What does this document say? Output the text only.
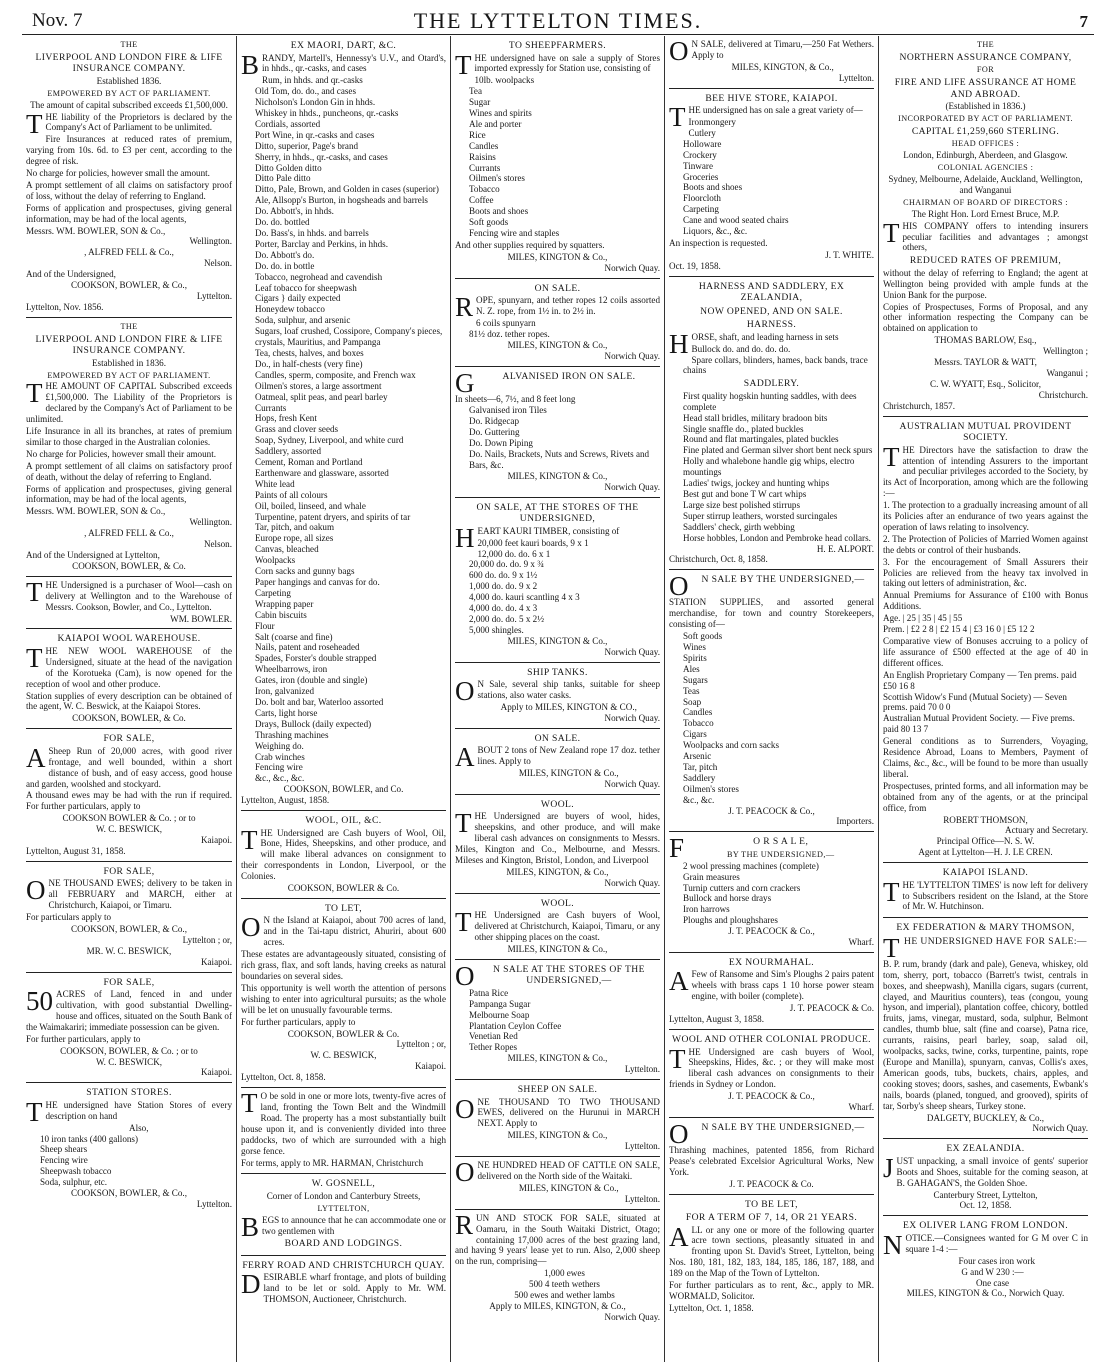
Nov. 7	THE LYTTELTON TIMES.	7
THE
LIVERPOOL AND LONDON FIRE & LIFE INSURANCE COMPANY.
Established 1836.
EMPOWERED BY ACT OF PARLIAMENT.
The amount of capital subscribed exceeds £1,500,000.
THE liability of the Proprietors is declared by the Company's Act of Parliament to be unlimited.
Fire Insurances at reduced rates of premium, varying from 10s. 6d. to £3 per cent, according to the degree of risk.
No charge for policies, however small the amount.
A prompt settlement of all claims on satisfactory proof of loss, without the delay of referring to England.
Forms of application and prospectuses, giving general information, may be had of the local agents,
Messrs. WM. BOWLER, SON & Co.,
Wellington.
, ALFRED FELL & Co.,
Nelson.
And of the Undersigned,
COOKSON, BOWLER, & Co.,
Lyttelton.
Lyttelton, Nov. 1856.
THE
LIVERPOOL AND LONDON FIRE & LIFE INSURANCE COMPANY.
Established in 1836.
EMPOWERED BY ACT OF PARLIAMENT.
THE AMOUNT OF CAPITAL Subscribed exceeds £1,500,000. The Liability of the Proprietors is declared by the Company's Act of Parliament to be unlimited.
Life Insurance in all its branches, at rates of premium similar to those charged in the Australian colonies.
No charge for Policies, however small their amount.
A prompt settlement of all claims on satisfactory proof of death, without the delay of referring to England.
Forms of application and prospectuses, giving general information, may be had of the local agents,
Messrs. WM. BOWLER, SON & Co.,
Wellington.
, ALFRED FELL & Co.,
Nelson.
And of the Undersigned at Lyttelton,
COOKSON, BOWLER, & Co.
THE Undersigned is a purchaser of Wool—cash on delivery at Wellington and to the Warehouse of Messrs. Cookson, Bowler, and Co., Lyttelton.
WM. BOWLER.
KAIAPOI WOOL WAREHOUSE.
THE NEW WOOL WAREHOUSE of the Undersigned, situate at the head of the navigation of the Korotueka (Cam), is now opened for the reception of wool and other produce.
Station supplies of every description can be obtained of the agent, W. C. Beswick, at the Kaiapoi Stores.
COOKSON, BOWLER, & Co.
FOR SALE,
A Sheep Run of 20,000 acres, with good river frontage, and well bounded, within a short distance of bush, and of easy access, good house and garden, woolshed and stockyard.
A thousand ewes may be had with the run if required. For further particulars, apply to
COOKSON BOWLER & Co. ; or to
W. C. BESWICK,
Kaiapoi.
Lyttelton, August 31, 1858.
FOR SALE,
ONE THOUSAND EWES; delivery to be taken in all FEBRUARY and MARCH, either at Christchurch, Kaiapoi, or Timaru.
For particulars apply to
COOKSON, BOWLER, & Co.,
Lyttelton ; or,
MR. W. C. BESWICK,
Kaiapoi.
FOR SALE,
50 ACRES of Land, fenced in and under cultivation, with good substantial Dwelling-house and offices, situated on the South Bank of the Waimakariri; immediate possession can be given.
For further particulars, apply to
COOKSON, BOWLER, & Co. ; or to
W. C. BESWICK,
Kaiapoi.
STATION STORES.
THE undersigned have Station Stores of every description on hand
Also,
10 iron tanks (400 gallons)
Sheep shears
Fencing wire
Sheepwash tobacco
Soda, sulphur, etc.
COOKSON, BOWLER, & Co.,
Lyttelton.
EX MAORI, DART, &C.
BRANDY, Martell's, Hennessy's U.V., and Otard's, in hhds., qr.-casks, and cases
Rum, in hhds. and qr.-casks
Old Tom, do. do., and cases
Nicholson's London Gin in hhds.
Whiskey in hhds., puncheons, qr.-casks
Cordials, assorted
Port Wine, in qr.-casks and cases
Ditto, superior, Page's brand
Sherry, in hhds., qr.-casks, and cases
Ditto Golden ditto
Ditto Pale ditto
Ditto, Pale, Brown, and Golden in cases (superior)
Ale, Allsopp's Burton, in hogsheads and barrels
Do. Abbott's, in hhds.
Do. do. bottled
Do. Bass's, in hhds. and barrels
Porter, Barclay and Perkins, in hhds.
Do. Abbott's do.
Do. do. in bottle
Tobacco, negrohead and cavendish
Leaf tobacco for sheepwash
Cigars } daily expected
Honeydew tobacco
Soda, sulphur, and arsenic
Sugars, loaf crushed, Cossipore, Company's pieces, crystals, Mauritius, and Pampanga
Tea, chests, halves, and boxes
Do., in half-chests (very fine)
Candles, sperm, composite, and French wax
Oilmen's stores, a large assortment
Oatmeal, split peas, and pearl barley
Currants
Hops, fresh Kent
Grass and clover seeds
Soap, Sydney, Liverpool, and white curd
Saddlery, assorted
Cement, Roman and Portland
Earthenware and glassware, assorted
White lead
Paints of all colours
Oil, boiled, linseed, and whale
Turpentine, patent dryers, and spirits of tar
Tar, pitch, and oakum
Europe rope, all sizes
Canvas, bleached
Woolpacks
Corn sacks and gunny bags
Paper hangings and canvas for do.
Carpeting
Wrapping paper
Cabin biscuits
Flour
Salt (coarse and fine)
Nails, patent and roseheaded
Spades, Forster's double strapped
Wheelbarrows, iron
Gates, iron (double and single)
Iron, galvanized
Do. bolt and bar, Waterloo assorted
Carts, light horse
Drays, Bullock (daily expected)
Thrashing machines
Weighing do.
Crab winches
Fencing wire
&c., &c., &c.
COOKSON, BOWLER, and Co.
Lyttelton, August, 1858.
WOOL, OIL, &C.
THE Undersigned are Cash buyers of Wool, Oil, Bone, Hides, Sheepskins, and other produce, and will make liberal advances on consignment to their correspondents in London, Liverpool, or the Colonies.
COOKSON, BOWLER & Co.
TO LET,
O N the Island at Kaiapoi, about 700 acres of land, and in the Tai-tapu district, Ahuriri, about 600 acres.
These estates are advantageously situated, consisting of rich grass, flax, and soft lands, having creeks as natural boundaries on several sides.
This opportunity is well worth the attention of persons wishing to enter into agricultural pursuits; as the whole will be let on unusually favourable terms.
For further particulars, apply to
COOKSON, BOWLER & Co.
Lyttelton ; or,
W. C. BESWICK,
Kaiapoi.
Lyttelton, Oct. 8, 1858.
T O be sold in one or more lots, twenty-five acres of land, fronting the Town Belt and the Windmill Road. The property has a most substantially built house upon it, and is conveniently divided into three paddocks, two of which are surrounded with a high gorse fence.
For terms, apply to MR. HARMAN, Christchurch
W. GOSNELL,
Corner of London and Canterbury Streets,
LYTTELTON,
BEGS to announce that he can accommodate one or two gentlemen with
BOARD AND LODGINGS.
FERRY ROAD AND CHRISTCHURCH QUAY.
DESIRABLE wharf frontage, and plots of building land to be let or sold. Apply to Mr. WM. THOMSON, Auctioneer, Christchurch.
TO SHEEPFARMERS.
THE undersigned have on sale a supply of Stores imported expressly for Station use, consisting of
10lb. woolpacks
Tea
Sugar
Wines and spirits
Ale and porter
Rice
Candles
Raisins
Currants
Oilmen's stores
Tobacco
Coffee
Boots and shoes
Soft goods
Fencing wire and staples
And other supplies required by squatters.
MILES, KINGTON & Co.,
Norwich Quay.
ON SALE.
ROPE, spunyarn, and tether ropes 12 coils assorted N. Z. rope, from 1½ in. to 2½ in.
6 coils spunyarn
81½ doz. tether ropes.
MILES, KINGTON & Co.,
Norwich Quay.
G	ALVANISED IRON ON SALE.
In sheets—6, 7½, and 8 feet long
Galvanised iron Tiles
Do. Ridgecap
Do. Guttering
Do. Down Piping
Do. Nails, Brackets, Nuts and Screws, Rivets and Bars, &c.
MILES, KINGTON & Co.,
Norwich Quay.
ON SALE, AT THE STORES OF THE UNDERSIGNED,
HEART KAURI TIMBER, consisting of
20,000 feet kauri boards, 9 x 1
12,000 do. do. 6 x 1
20,000 do. do. 9 x ¾
600 do. do. 9 x 1½
1,000 do. do. 9 x 2
4,000 do. kauri scantling 4 x 3
4,000 do. do. 4 x 3
2,000 do. do. 5 x 2½
5,000 shingles.
MILES, KINGTON & Co.,
Norwich Quay.
SHIP TANKS.
O N Sale, several ship tanks, suitable for sheep stations, also water casks.
Apply to MILES, KINGTON & CO.,
Norwich Quay.
ON SALE.
ABOUT 2 tons of New Zealand rope 17 doz. tether lines. Apply to
MILES, KINGTON & Co.,
Norwich Quay.
WOOL.
THE Undersigned are buyers of wool, hides, sheepskins, and other produce, and will make liberal cash advances on consignments to Messrs. Miles, Kington and Co., Melbourne, and Messrs. Mileses and Kington, Bristol, London, and Liverpool
MILES, KINGTON, & Co.,
Norwich Quay.
WOOL.
THE Undersigned are Cash buyers of Wool, delivered at Christchurch, Kaiapoi, Timaru, or any other shipping places on the coast.
MILES, KINGTON & Co.,
O N SALE AT THE STORES OF THE UNDERSIGNED,—
Patna Rice
Pampanga Sugar
Melbourne Soap
Plantation Ceylon Coffee
Venetian Red
Tether Ropes
MILES, KINGTON & Co.,
Lyttelton.
SHEEP ON SALE.
ONE THOUSAND TO TWO THOUSAND EWES, delivered on the Hurunui in MARCH NEXT. Apply to
MILES, KINGTON & Co.,
Lyttelton.
ONE HUNDRED HEAD OF CATTLE ON SALE, delivered on the North side of the Waitaki.
MILES, KINGTON & Co.,
Lyttelton.
RUN AND STOCK FOR SALE, situated at Oamaru, in the South Waitaki District, Otago; containing 17,000 acres of the best grazing land, and having 9 years' lease yet to run. Also, 2,000 sheep on the run, comprising—
1,000 ewes
500 4 teeth wethers
500 ewes and wether lambs
Apply to MILES, KINGTON, & Co.,
Norwich Quay.
O N SALE, delivered at Timaru,—250 Fat Wethers. Apply to
MILES, KINGTON, & Co.,
Lyttelton.
BEE HIVE STORE, KAIAPOI.
THE undersigned has on sale a great variety of—
Ironmongery
Cutlery
Holloware
Crockery
Tinware
Groceries
Boots and shoes
Floorcloth
Carpeting
Cane and wood seated chairs
Liquors, &c., &c.
An inspection is requested.
J. T. WHITE.
Oct. 19, 1858.
HARNESS AND SADDLERY, EX ZEALANDIA,
NOW OPENED, AND ON SALE.
HARNESS.
HORSE, shaft, and leading harness in sets
Bullock do. and do. do. do.
Spare collars, blinders, hames, back bands, trace chains
SADDLERY.
First quality hogskin hunting saddles, with dees complete
Head stall bridles, military bradoon bits
Single snaffle do., plated buckles
Round and flat martingales, plated buckles
Fine plated and German silver short bent neck spurs
Holly and whalebone handle gig whips, electro mountings
Ladies' twigs, jockey and hunting whips
Best gut and bone T W cart whips
Large size best polished stirrups
Super stirrup leathers, worsted surcingales
Saddlers' check, girth webbing
Horse hobbles, London and Pembroke head collars.
H. E. ALPORT.
Christchurch, Oct. 8, 1858.
O N SALE BY THE UNDERSIGNED,—
STATION SUPPLIES, and assorted general merchandise, for town and country Storekeepers, consisting of—
Soft goods
Wines
Spirits
Ales
Sugars
Teas
Soap
Candles
Tobacco
Cigars
Woolpacks and corn sacks
Arsenic
Tar, pitch
Saddlery
Oilmen's stores
&c., &c.
J. T. PEACOCK & Co.,
Importers.
F	O R S A L E,
BY THE UNDERSIGNED,—
2 wool pressing machines (complete)
Grain measures
Turnip cutters and corn crackers
Bullock and horse drays
Iron harrows
Ploughs and ploughshares
J. T. PEACOCK & Co.,
Wharf.
EX NOURMAHAL.
A Few of Ransome and Sim's Ploughs 2 pairs patent wheels with brass caps 1 10 horse power steam engine, with boiler (complete).
J. T. PEACOCK & Co.
Lyttelton, August 3, 1858.
WOOL AND OTHER COLONIAL PRODUCE.
THE Undersigned are cash buyers of Wool, Sheepskins, Hides, &c. ; or they will make most liberal cash advances on consignments to their friends in Sydney or London.
J. T. PEACOCK & Co.,
Wharf.
O N SALE BY THE UNDERSIGNED,—
Thrashing machines, patented 1856, from Richard Pease's celebrated Excelsior Agricultural Works, New York.
J. T. PEACOCK & Co.
TO BE LET,
FOR A TERM OF 7, 14, OR 21 YEARS.
ALL or any one or more of the following quarter acre town sections, pleasantly situated in and fronting upon St. David's Street, Lyttelton, being Nos. 180, 181, 182, 183, 184, 185, 186, 187, 188, and 189 on the Map of the Town of Lyttelton.
For further particulars as to rent, &c., apply to MR. WORMALD, Solicitor.
Lyttelton, Oct. 1, 1858.
THE
NORTHERN ASSURANCE COMPANY,
FOR
FIRE AND LIFE ASSURANCE AT HOME AND ABROAD.
(Established in 1836.)
INCORPORATED BY ACT OF PARLIAMENT.
CAPITAL £1,259,660 STERLING.
HEAD OFFICES :
London, Edinburgh, Aberdeen, and Glasgow.
COLONIAL AGENCIES :
Sydney, Melbourne, Adelaide, Auckland, Wellington, and Wanganui
CHAIRMAN OF BOARD OF DIRECTORS :
The Right Hon. Lord Ernest Bruce, M.P.
THIS COMPANY offers to intending insurers peculiar facilities and advantages ; amongst others,
REDUCED RATES OF PREMIUM,
without the delay of referring to England; the agent at Wellington being provided with ample funds at the Union Bank for the purpose.
Copies of Prospectuses, Forms of Proposal, and any other information respecting the Company can be obtained on application to
THOMAS BARLOW, Esq.,
Wellington ;
Messrs. TAYLOR & WATT,
Wanganui ;
C. W. WYATT, Esq., Solicitor,
Christchurch.
Christchurch, 1857.
AUSTRALIAN MUTUAL PROVIDENT SOCIETY.
THE Directors have the satisfaction to draw the attention of intending Assurers to the important and peculiar privileges accorded to the Society, by its Act of Incorporation, among which are the following :—
1. The protection to a gradually increasing amount of all its Policies after an endurance of two years against the operation of laws relating to insolvency.
2. The Protection of Policies of Married Women against the debts or control of their husbands.
3. For the encouragement of Small Assurers their Policies are relieved from the heavy tax involved in taking out letters of administration, &c.
Annual Premiums for Assurance of £100 with Bonus Additions.
Age. | 25 | 35 | 45 | 55
Prem. | £2 2 8 | £2 15 4 | £3 16 0 | £5 12 2
Comparative view of Bonuses accruing to a policy of life assurance of £500 effected at the age of 40 in different offices.
An English Proprietary Company — Ten prems. paid £50 16 8
Scottish Widow's Fund (Mutual Society) — Seven prems. paid 70 0 0
Australian Mutual Provident Society. — Five prems. paid 80 13 7
General conditions as to Surrenders, Voyaging, Residence Abroad, Loans to Members, Payment of Claims, &c., &c., will be found to be more than usually liberal.
Prospectuses, printed forms, and all information may be obtained from any of the agents, or at the principal office, from
ROBERT THOMSON,
Actuary and Secretary.
Principal Office—N. S. W.
Agent at Lyttelton—H. J. LE CREN.
KAIAPOI ISLAND.
THE 'LYTTELTON TIMES' is now left for delivery to Subscribers resident on the Island, at the Store of Mr. W. Hutchinson.
EX FEDERATION & MARY THOMSON,
THE UNDERSIGNED HAVE FOR SALE:—
B. P. rum, brandy (dark and pale), Geneva, whiskey, old tom, sherry, port, tobacco (Barrett's twist, centrals in boxes, and sheepwash), Manilla cigars, sugars (current, clayed, and Mauritius counters), teas (congou, young hyson, and imperial), plantation coffee, chicory, bottled fruits, jams, vinegar, mustard, soda, sulphur, Belmont candles, thumb blue, salt (fine and coarse), Patna rice, currants, raisins, pearl barley, soap, salad oil, woolpacks, sacks, twine, corks, turpentine, paints, rope (Europe and Manilla), spunyarn, canvas, Collis's axes, American goods, tubs, buckets, chairs, apples, and cooking stoves; doors, sashes, and casements, Ewbank's nails, boards (planed, tongued, and grooved), spirits of tar, Sorby's sheep shears, Turkey stone.
DALGETY, BUCKLEY, & Co.,
Norwich Quay.
EX ZEALANDIA.
JUST unpacking, a small invoice of gents' superior Boots and Shoes, suitable for the coming season, at B. GAHAGAN'S, the Golden Shoe.
Canterbury Street, Lyttelton,
Oct. 12, 1858.
EX OLIVER LANG FROM LONDON.
NOTICE.—Consignees wanted for G M over C in square 1-4 :—
Four cases iron work
G and W 230 :—
One case
MILES, KINGTON & Co., Norwich Quay.
